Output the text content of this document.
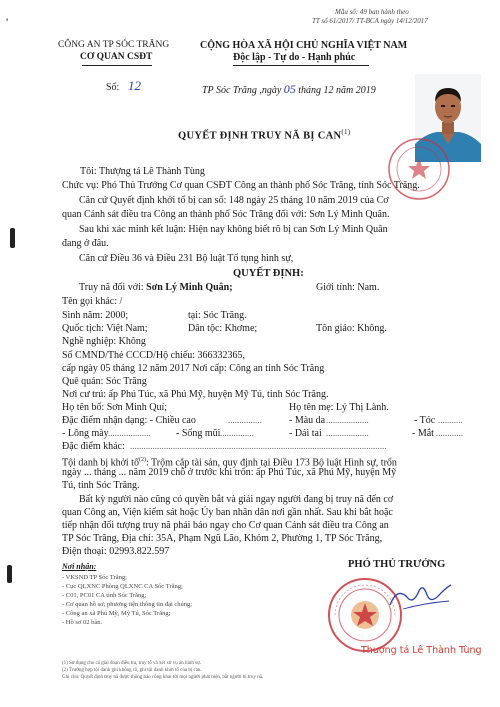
'
Mẫu số: 49 ban hành theo
TT số 61/2017/ TT-BCA ngày 14/12/2017
CÔNG AN TP SÓC TRĂNG
CƠ QUAN CSĐT
CỘNG HÒA XÃ HỘI CHỦ NGHĨA VIỆT NAM
Độc lập - Tự do - Hạnh phúc
Số: 12	TP Sóc Trăng ,ngày 05 tháng 12 năm 2019
QUYẾT ĐỊNH TRUY NÃ BỊ CAN$^{(1)}$
Tôi: Thượng tá Lê Thành Tùng
Chức vụ: Phó Thủ Trưởng Cơ quan CSĐT Công an thành phố Sóc Trăng, tỉnh Sóc Trăng.
Căn cứ Quyết định khởi tố bị can số: 148 ngày 25 tháng 10 năm 2019 của Cơ
quan Cảnh sát điều tra Công an thành phố Sóc Trăng đối với: Sơn Lý Minh Quân.
Sau khi xác minh kết luận: Hiện nay không biết rõ bị can Sơn Lý Minh Quân
đang ở đâu.
Căn cứ Điều 36 và Điều 231 Bộ luật Tố tụng hình sự,
QUYẾT ĐỊNH:
Truy nã đối với: Sơn Lý Minh Quân;	Giới tính: Nam.
Tên gọi khác: /
Sinh năm: 2000;	tại: Sóc Trăng.
Quốc tịch: Việt Nam;	Dân tộc: Khơme;	Tôn giáo: Không.
Nghề nghiệp: Không
Số CMND/Thẻ CCCD/Hộ chiếu: 366332365,
cấp ngày 05 tháng 12 năm 2017 Nơi cấp: Công an tỉnh Sóc Trăng
Quê quán: Sóc Trăng
Nơi cư trú: ấp Phú Túc, xã Phú Mỹ, huyện Mỹ Tú, tỉnh Sóc Trăng.
Họ tên bố: Sơn Minh Quí;	Họ tên mẹ: Lý Thị Lành.
Đặc điểm nhận dạng: - Chiều cao	...............	- Màu da ...................	- Tóc ...........
- Lông mày ...................	- Sống mũi ...............	- Dái tai ...................	- Mắt ............
Đặc điểm khác: ..................................................................................................................
Tội danh bị khởi tố$^{(2)}$: Trộm cắp tài sản, quy định tại Điều 173 Bộ luật Hình sự, trốn
ngày ... tháng ... năm 2019 chỗ ở trước khi trốn: ấp Phú Túc, xã Phú Mỹ, huyện Mỹ
Tú, tỉnh Sóc Trăng.
Bất kỳ người nào cũng có quyền bắt và giải ngay người đang bị truy nã đến cơ
quan Công an, Viện kiểm sát hoặc Ủy ban nhân dân nơi gần nhất. Sau khi bắt hoặc
tiếp nhận đối tượng truy nã phải báo ngay cho Cơ quan Cảnh sát điều tra Công an
TP Sóc Trăng, Địa chỉ: 35A, Phạm Ngũ Lão, Khóm 2, Phường 1, TP Sóc Trăng,
Điện thoại: 02993.822.597
Nơi nhận:
- VKSND TP Sóc Trăng;
- Cục QLXNC Phòng QLXNC CA Sóc Trăng;
- C01, PC01 CA tỉnh Sóc Trăng;
- Cơ quan hồ sơ; phương tiện thông tin đại chúng;
- Công an xã Phú Mỹ, Mỹ Tú, Sóc Trăng;
- Hồ sơ 02 bản.
PHÓ THỦ TRƯỞNG
Thượng tá Lê Thành Tùng
(1) Sử dụng cho cả giai đoạn điều tra, truy tố và xét xử vụ án hình sự.
(2) Trường hợp tội danh ghi không rõ, ghi tội danh khởi tố của bị can.
Ghi chú: Quyết định truy nã được thông báo công khai tới mọi người phát hiện, bắt người bị truy nã.
